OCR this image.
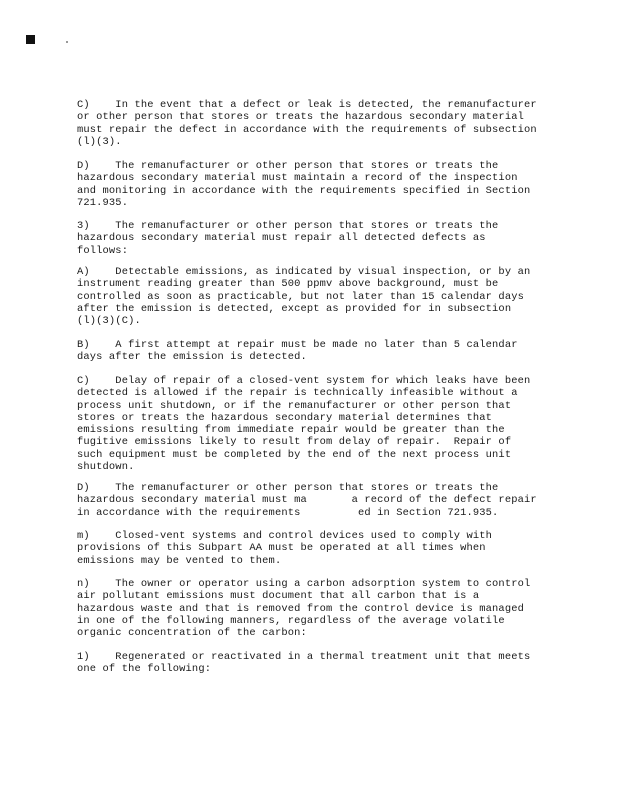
C)    In the event that a defect or leak is detected, the remanufacturer
or other person that stores or treats the hazardous secondary material
must repair the defect in accordance with the requirements of subsection
(l)(3).

D)    The remanufacturer or other person that stores or treats the
hazardous secondary material must maintain a record of the inspection
and monitoring in accordance with the requirements specified in Section
721.935.

3)    The remanufacturer or other person that stores or treats the
hazardous secondary material must repair all detected defects as
follows:

A)    Detectable emissions, as indicated by visual inspection, or by an
instrument reading greater than 500 ppmv above background, must be
controlled as soon as practicable, but not later than 15 calendar days
after the emission is detected, except as provided for in subsection
(l)(3)(C).

B)    A first attempt at repair must be made no later than 5 calendar
days after the emission is detected.

C)    Delay of repair of a closed-vent system for which leaks have been
detected is allowed if the repair is technically infeasible without a
process unit shutdown, or if the remanufacturer or other person that
stores or treats the hazardous secondary material determines that
emissions resulting from immediate repair would be greater than the
fugitive emissions likely to result from delay of repair.  Repair of
such equipment must be completed by the end of the next process unit
shutdown.

D)    The remanufacturer or other person that stores or treats the
hazardous secondary material must ma       a record of the defect repair
in accordance with the requirements         ed in Section 721.935.

m)    Closed-vent systems and control devices used to comply with
provisions of this Subpart AA must be operated at all times when
emissions may be vented to them.

n)    The owner or operator using a carbon adsorption system to control
air pollutant emissions must document that all carbon that is a
hazardous waste and that is removed from the control device is managed
in one of the following manners, regardless of the average volatile
organic concentration of the carbon:

1)    Regenerated or reactivated in a thermal treatment unit that meets
one of the following:
